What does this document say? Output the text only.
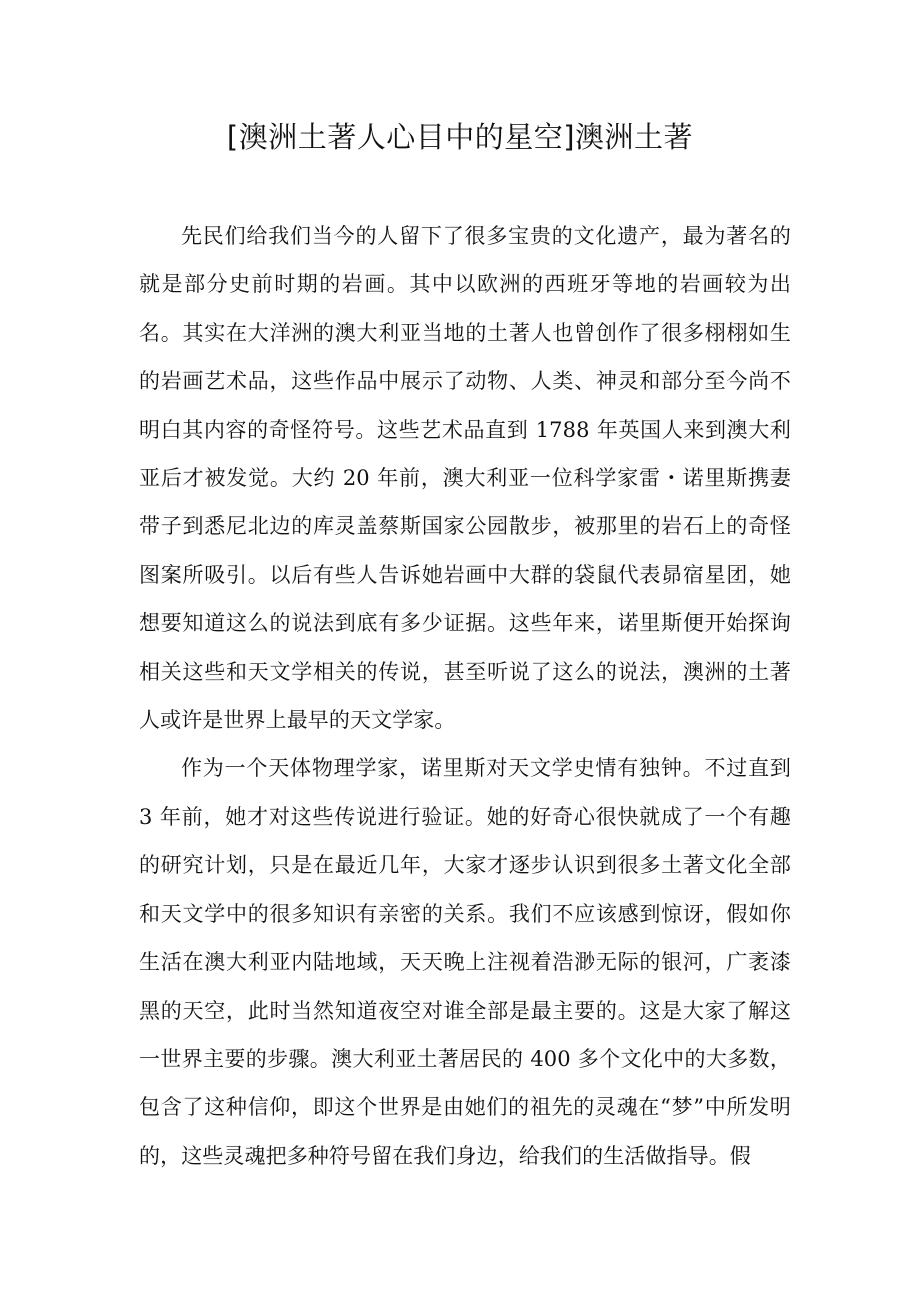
[澳洲土著人心目中的星空]澳洲土著

先民们给我们当今的人留下了很多宝贵的文化遗产，最为著名的就是部分史前时期的岩画。其中以欧洲的西班牙等地的岩画较为出名。其实在大洋洲的澳大利亚当地的土著人也曾创作了很多栩栩如生的岩画艺术品，这些作品中展示了动物、人类、神灵和部分至今尚不明白其内容的奇怪符号。这些艺术品直到 1788 年英国人来到澳大利亚后才被发觉。大约 20 年前，澳大利亚一位科学家雷・诺里斯携妻带子到悉尼北边的库灵盖蔡斯国家公园散步，被那里的岩石上的奇怪图案所吸引。以后有些人告诉她岩画中大群的袋鼠代表昴宿星团，她想要知道这么的说法到底有多少证据。这些年来，诺里斯便开始探询相关这些和天文学相关的传说，甚至听说了这么的说法，澳洲的土著人或许是世界上最早的天文学家。

作为一个天体物理学家，诺里斯对天文学史情有独钟。不过直到 3 年前，她才对这些传说进行验证。她的好奇心很快就成了一个有趣的研究计划，只是在最近几年，大家才逐步认识到很多土著文化全部和天文学中的很多知识有亲密的关系。我们不应该感到惊讶，假如你生活在澳大利亚内陆地域，天天晚上注视着浩渺无际的银河，广袤漆黑的天空，此时当然知道夜空对谁全部是最主要的。这是大家了解这一世界主要的步骤。澳大利亚土著居民的 400 多个文化中的大多数，包含了这种信仰，即这个世界是由她们的祖先的灵魂在“梦”中所发明的，这些灵魂把多种符号留在我们身边，给我们的生活做指导。假
